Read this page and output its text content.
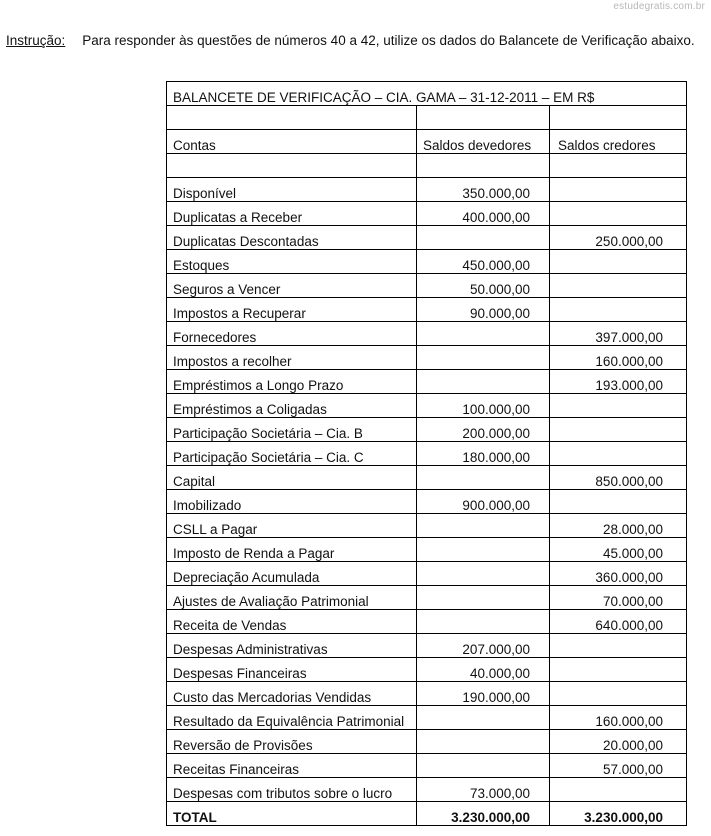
estudegratis.com.br
Instrução: Para responder às questões de números 40 a 42, utilize os dados do Balancete de Verificação abaixo.
BALANCETE DE VERIFICAÇÃO – CIA. GAMA – 31-12-2011 – EM R$		

Contas	Saldos devedores	Saldos credores

Disponível	350.000,00	
Duplicatas a Receber	400.000,00	
Duplicatas Descontadas		250.000,00
Estoques	450.000,00	
Seguros a Vencer	50.000,00	
Impostos a Recuperar	90.000,00	
Fornecedores		397.000,00
Impostos a recolher		160.000,00
Empréstimos a Longo Prazo		193.000,00
Empréstimos a Coligadas	100.000,00	
Participação Societária – Cia. B	200.000,00	
Participação Societária – Cia. C	180.000,00	
Capital		850.000,00
Imobilizado	900.000,00	
CSLL a Pagar		28.000,00
Imposto de Renda a Pagar		45.000,00
Depreciação Acumulada		360.000,00
Ajustes de Avaliação Patrimonial		70.000,00
Receita de Vendas		640.000,00
Despesas Administrativas	207.000,00	
Despesas Financeiras	40.000,00	
Custo das Mercadorias Vendidas	190.000,00	
Resultado da Equivalência Patrimonial		160.000,00
Reversão de Provisões		20.000,00
Receitas Financeiras		57.000,00
Despesas com tributos sobre o lucro	73.000,00	
TOTAL	3.230.000,00	3.230.000,00
